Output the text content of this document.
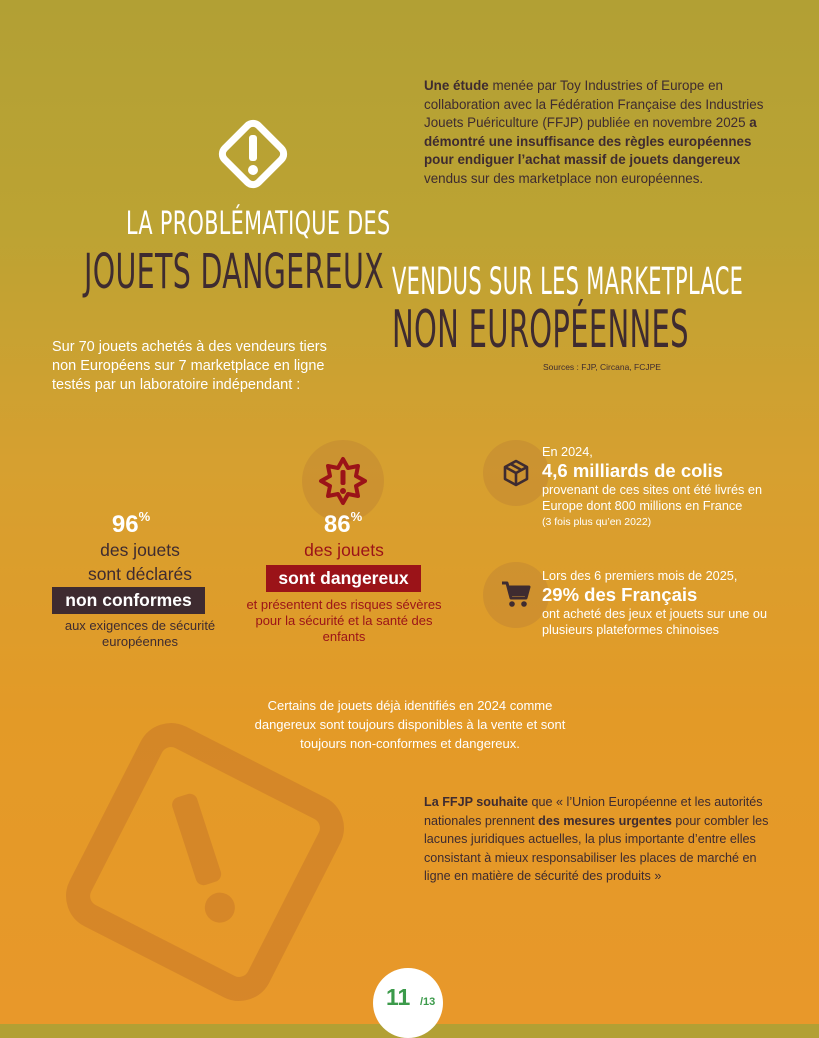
Une étude menée par Toy Industries of Europe en collaboration avec la Fédération Française des Industries Jouets Puériculture (FFJP) publiée en novembre 2025 a démontré une insuffisance des règles européennes pour endiguer l’achat massif de jouets dangereux vendus sur des marketplace non européennes.
LA PROBLÉMATIQUE DES
JOUETS DANGEREUX VENDUS SUR LES MARKETPLACE
NON EUROPÉENNES
Sources : FJP, Circana, FCJPE
Sur 70 jouets achetés à des vendeurs tiers non Européens sur 7 marketplace en ligne testés par un laboratoire indépendant :
96%
des jouets
sont déclarés
non conformes
aux exigences de sécurité européennes
86%
des jouets
sont dangereux
et présentent des risques sévères pour la sécurité et la santé des enfants
En 2024,
4,6 milliards de colis
provenant de ces sites ont été livrés en Europe dont 800 millions en France
(3 fois plus qu’en 2022)
Lors des 6 premiers mois de 2025,
29% des Français
ont acheté des jeux et jouets sur une ou plusieurs plateformes chinoises
Certains de jouets déjà identifiés en 2024 comme dangereux sont toujours disponibles à la vente et sont toujours non-conformes et dangereux.
La FFJP souhaite que « l’Union Européenne et les autorités nationales prennent des mesures urgentes pour combler les lacunes juridiques actuelles, la plus importante d’entre elles consistant à mieux responsabiliser les places de marché en ligne en matière de sécurité des produits »
11 /13
